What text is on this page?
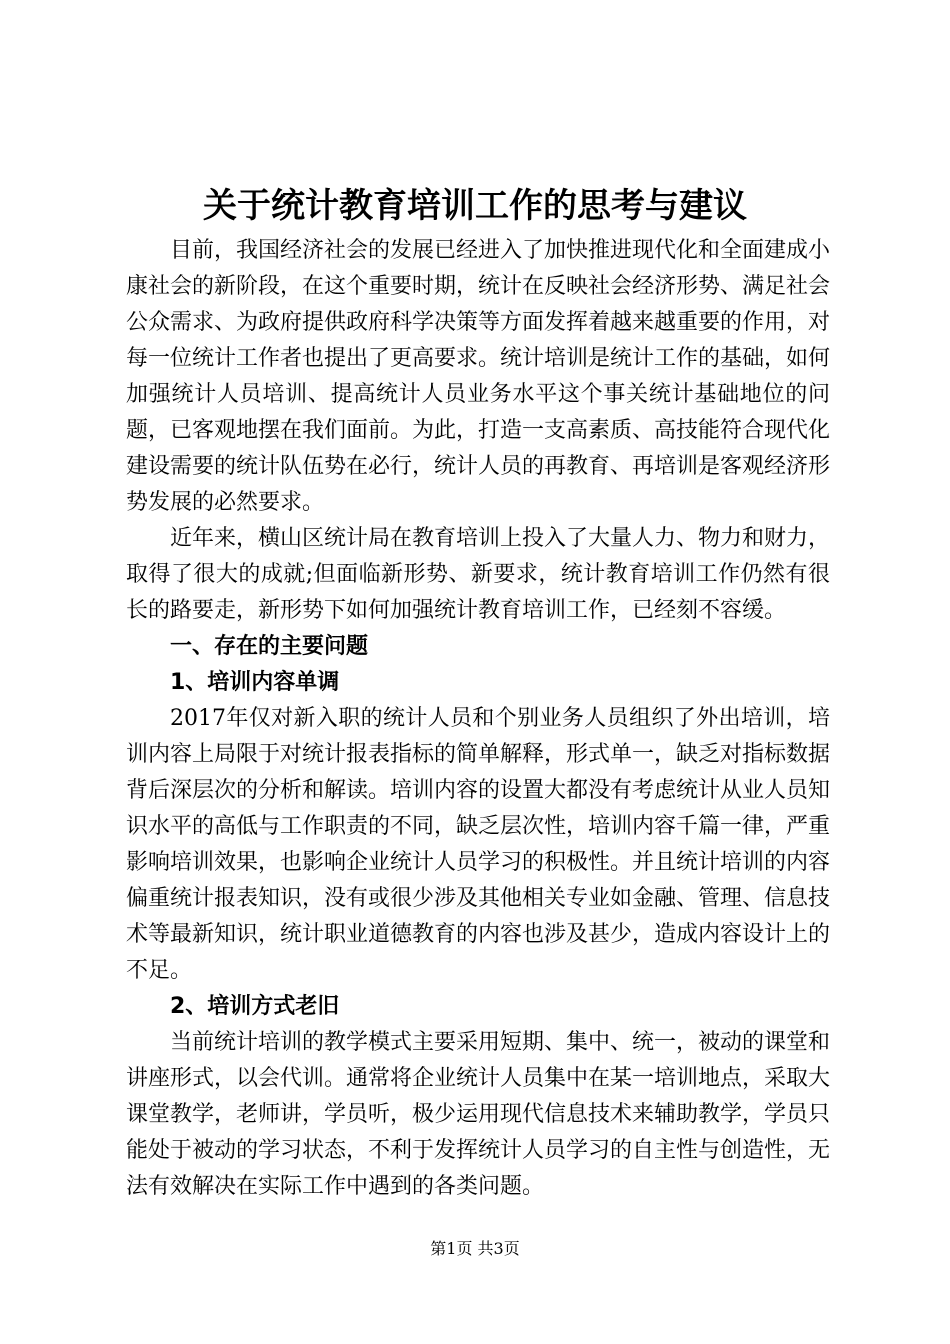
关于统计教育培训工作的思考与建议

目前，我国经济社会的发展已经进入了加快推进现代化和全面建成小康社会的新阶段，在这个重要时期，统计在反映社会经济形势、满足社会公众需求、为政府提供政府科学决策等方面发挥着越来越重要的作用，对每一位统计工作者也提出了更高要求。统计培训是统计工作的基础，如何加强统计人员培训、提高统计人员业务水平这个事关统计基础地位的问题，已客观地摆在我们面前。为此，打造一支高素质、高技能符合现代化建设需要的统计队伍势在必行，统计人员的再教育、再培训是客观经济形势发展的必然要求。

近年来，横山区统计局在教育培训上投入了大量人力、物力和财力，取得了很大的成就;但面临新形势、新要求，统计教育培训工作仍然有很长的路要走，新形势下如何加强统计教育培训工作，已经刻不容缓。

一、存在的主要问题
1、培训内容单调

2017年仅对新入职的统计人员和个别业务人员组织了外出培训，培训内容上局限于对统计报表指标的简单解释，形式单一，缺乏对指标数据背后深层次的分析和解读。培训内容的设置大都没有考虑统计从业人员知识水平的高低与工作职责的不同，缺乏层次性，培训内容千篇一律，严重影响培训效果，也影响企业统计人员学习的积极性。并且统计培训的内容偏重统计报表知识，没有或很少涉及其他相关专业如金融、管理、信息技术等最新知识，统计职业道德教育的内容也涉及甚少，造成内容设计上的不足。

2、培训方式老旧

当前统计培训的教学模式主要采用短期、集中、统一，被动的课堂和讲座形式，以会代训。通常将企业统计人员集中在某一培训地点，采取大课堂教学，老师讲，学员听，极少运用现代信息技术来辅助教学，学员只能处于被动的学习状态，不利于发挥统计人员学习的自主性与创造性，无法有效解决在实际工作中遇到的各类问题。

第1页 共3页
